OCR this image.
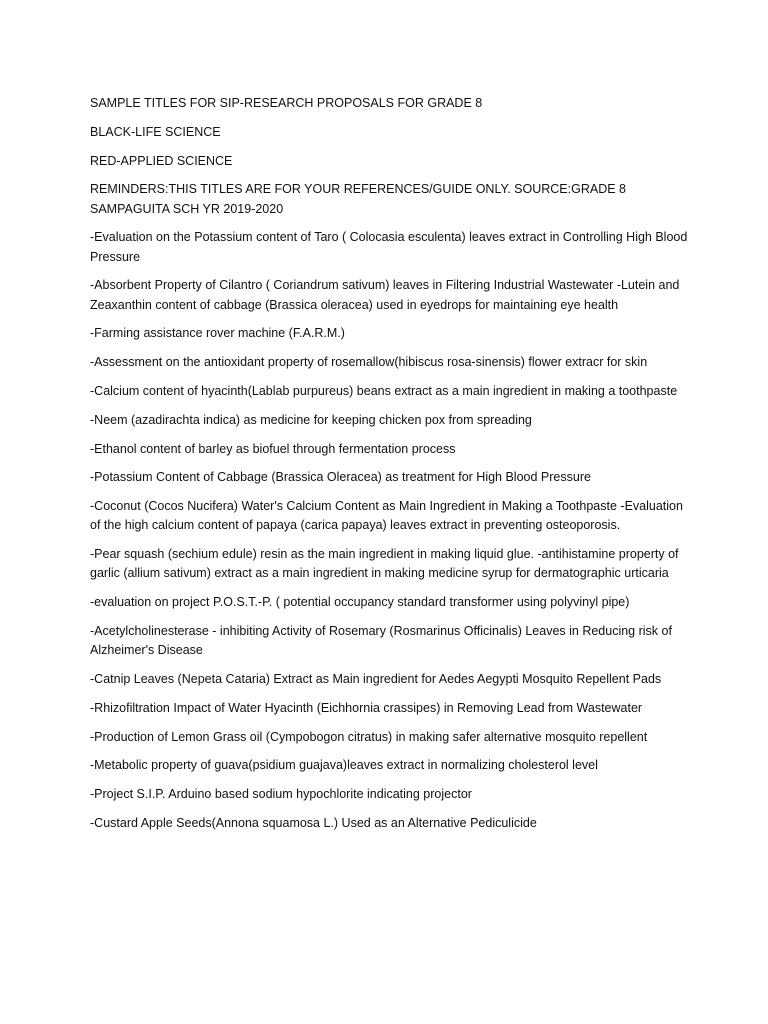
SAMPLE TITLES FOR SIP-RESEARCH PROPOSALS FOR GRADE 8

BLACK-LIFE SCIENCE

RED-APPLIED SCIENCE

REMINDERS:THIS TITLES ARE FOR YOUR REFERENCES/GUIDE ONLY. SOURCE:GRADE 8 SAMPAGUITA SCH YR 2019-2020

-Evaluation on the Potassium content of Taro ( Colocasia esculenta) leaves extract in Controlling High Blood Pressure

-Absorbent Property of Cilantro ( Coriandrum sativum) leaves in Filtering Industrial Wastewater -Lutein and Zeaxanthin content of cabbage (Brassica oleracea) used in eyedrops for maintaining eye health

-Farming assistance rover machine (F.A.R.M.)

-Assessment on the antioxidant property of rosemallow(hibiscus rosa-sinensis) flower extracr for skin

-Calcium content of hyacinth(Lablab purpureus) beans extract as a main ingredient in making a toothpaste

-Neem (azadirachta indica) as medicine for keeping chicken pox from spreading

-Ethanol content of barley as biofuel through fermentation process

-Potassium Content of Cabbage (Brassica Oleracea) as treatment for High Blood Pressure

-Coconut (Cocos Nucifera) Water's Calcium Content as Main Ingredient in Making a Toothpaste -Evaluation of the high calcium content of papaya (carica papaya) leaves extract in preventing osteoporosis.

-Pear squash (sechium edule) resin as the main ingredient in making liquid glue. -antihistamine property of garlic (allium sativum) extract as a main ingredient in making medicine syrup for dermatographic urticaria

-evaluation on project P.O.S.T.-P. ( potential occupancy standard transformer using polyvinyl pipe)

-Acetylcholinesterase - inhibiting Activity of Rosemary (Rosmarinus Officinalis) Leaves in Reducing risk of Alzheimer's Disease

-Catnip Leaves (Nepeta Cataria) Extract as Main ingredient for Aedes Aegypti Mosquito Repellent Pads

-Rhizofiltration Impact of Water Hyacinth (Eichhornia crassipes) in Removing Lead from Wastewater

-Production of Lemon Grass oil (Cympobogon citratus) in making safer alternative mosquito repellent

-Metabolic property of guava(psidium guajava)leaves extract in normalizing cholesterol level

-Project S.I.P. Arduino based sodium hypochlorite indicating projector

-Custard Apple Seeds(Annona squamosa L.) Used as an Alternative Pediculicide
